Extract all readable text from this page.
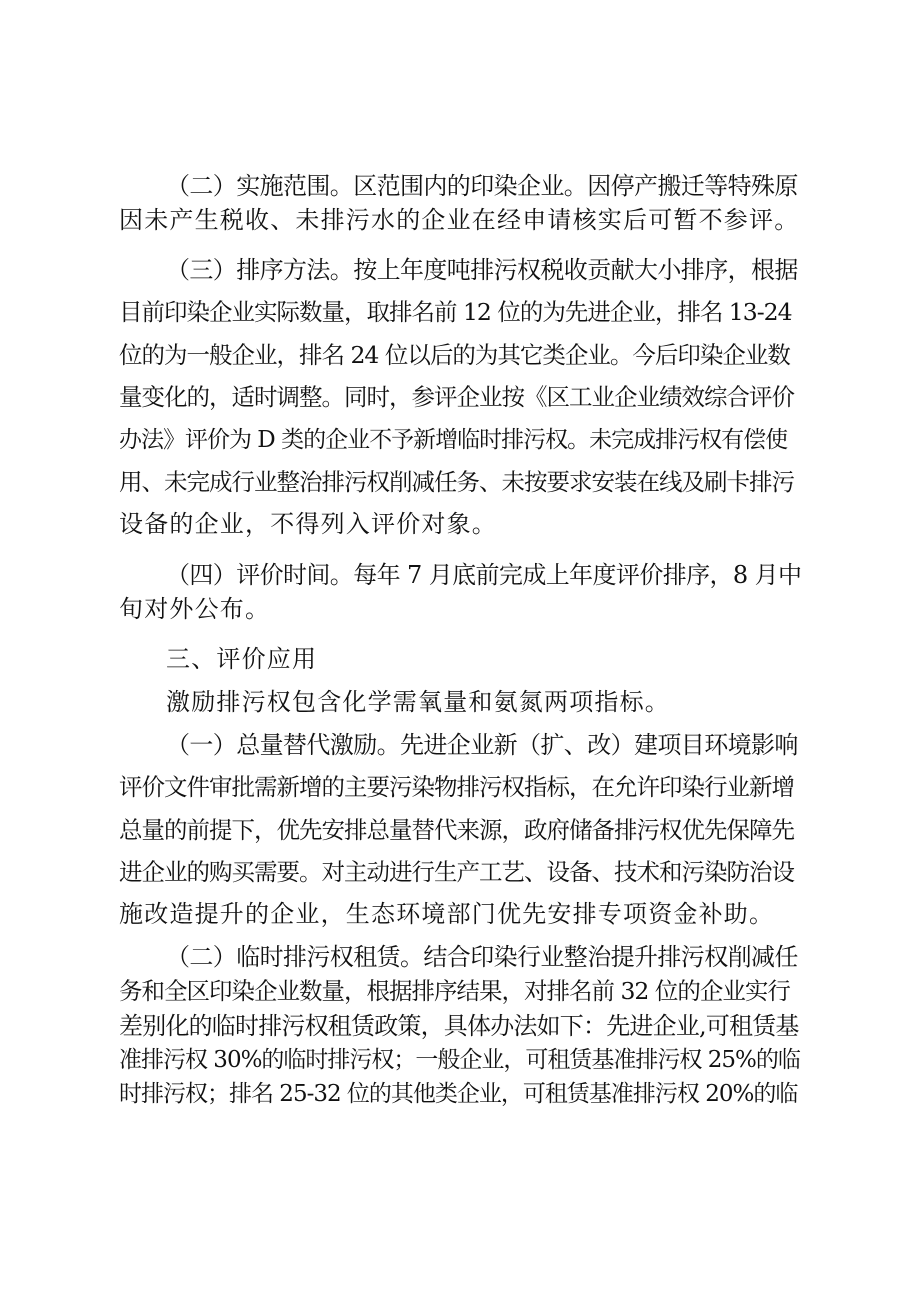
（二）实施范围。区范围内的印染企业。因停产搬迁等特殊原
因未产生税收、未排污水的企业在经申请核实后可暂不参评。
（三）排序方法。按上年度吨排污权税收贡献大小排序，根据
目前印染企业实际数量，取排名前 12 位的为先进企业，排名 13-24
位的为一般企业，排名 24 位以后的为其它类企业。今后印染企业数
量变化的，适时调整。同时，参评企业按《区工业企业绩效综合评价
办法》评价为 D 类的企业不予新增临时排污权。未完成排污权有偿使
用、未完成行业整治排污权削减任务、未按要求安装在线及刷卡排污
设备的企业，不得列入评价对象。
（四）评价时间。每年 7 月底前完成上年度评价排序，8 月中
旬对外公布。
三、评价应用
激励排污权包含化学需氧量和氨氮两项指标。
（一）总量替代激励。先进企业新（扩、改）建项目环境影响
评价文件审批需新增的主要污染物排污权指标，在允许印染行业新增
总量的前提下，优先安排总量替代来源，政府储备排污权优先保障先
进企业的购买需要。对主动进行生产工艺、设备、技术和污染防治设
施改造提升的企业，生态环境部门优先安排专项资金补助。
（二）临时排污权租赁。结合印染行业整治提升排污权削减任
务和全区印染企业数量，根据排序结果，对排名前 32 位的企业实行
差别化的临时排污权租赁政策，具体办法如下：先进企业,可租赁基
准排污权 30%的临时排污权；一般企业，可租赁基准排污权 25%的临
时排污权；排名 25-32 位的其他类企业，可租赁基准排污权 20%的临
